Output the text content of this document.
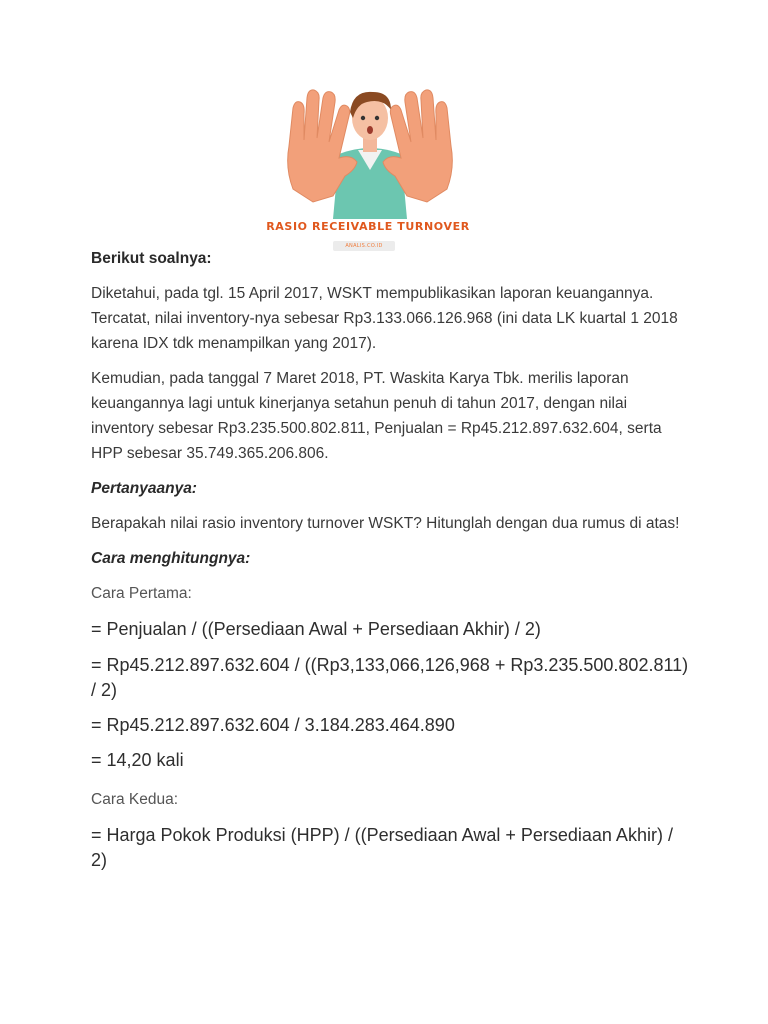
RASIO RECEIVABLE TURNOVER
ANALIS.CO.ID

Berikut soalnya:

Diketahui, pada tgl. 15 April 2017, WSKT mempublikasikan laporan keuangannya. Tercatat, nilai inventory-nya sebesar Rp3.133.066.126.968 (ini data LK kuartal 1 2018 karena IDX tdk menampilkan yang 2017).

Kemudian, pada tanggal 7 Maret 2018, PT. Waskita Karya Tbk. merilis laporan keuangannya lagi untuk kinerjanya setahun penuh di tahun 2017, dengan nilai inventory sebesar Rp3.235.500.802.811, Penjualan = Rp45.212.897.632.604, serta HPP sebesar 35.749.365.206.806.

Pertanyaanya:

Berapakah nilai rasio inventory turnover WSKT? Hitunglah dengan dua rumus di atas!

Cara menghitungnya:

Cara Pertama:

= Penjualan / ((Persediaan Awal + Persediaan Akhir) / 2)

= Rp45.212.897.632.604 / ((Rp3,133,066,126,968 + Rp3.235.500.802.811) / 2)

= Rp45.212.897.632.604 / 3.184.283.464.890

= 14,20 kali

Cara Kedua:

= Harga Pokok Produksi (HPP) / ((Persediaan Awal + Persediaan Akhir) / 2)
